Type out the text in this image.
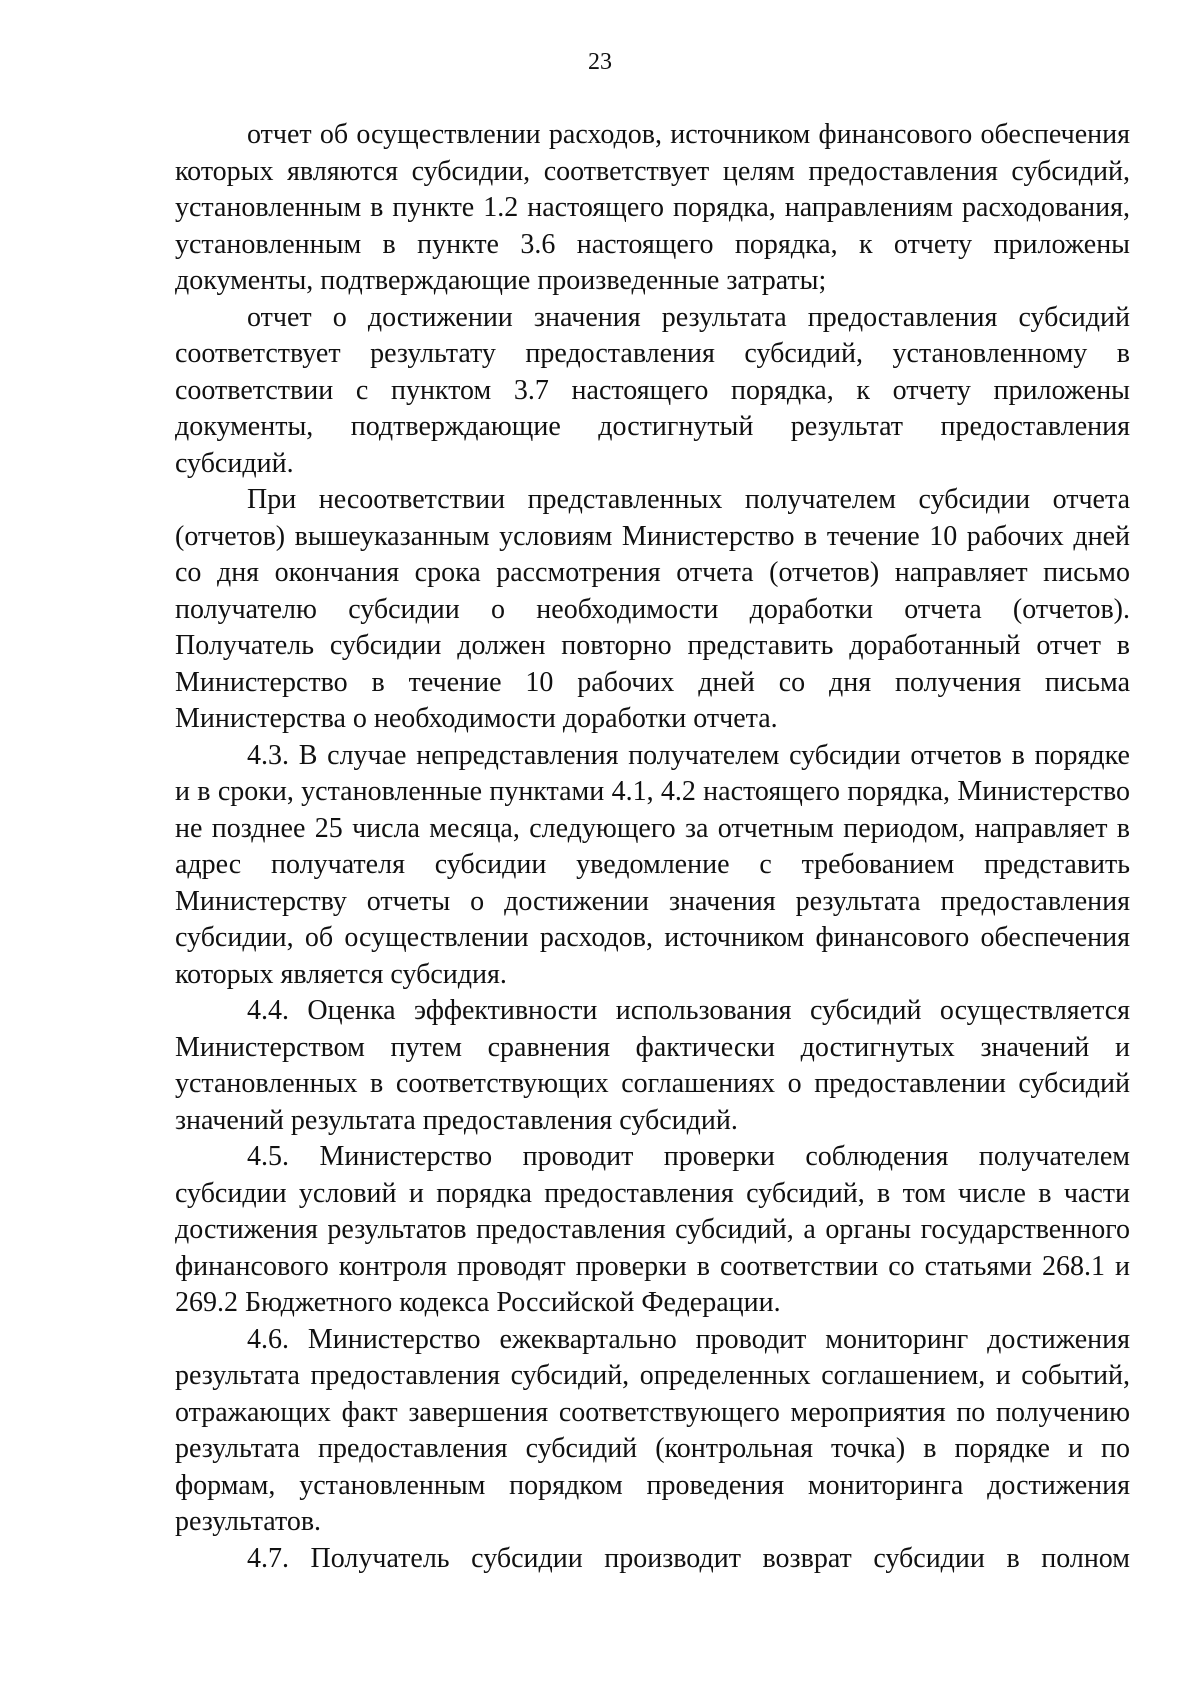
23

отчет об осуществлении расходов, источником финансового обеспечения которых являются субсидии, соответствует целям предоставления субсидий, установленным в пункте 1.2 настоящего порядка, направлениям расходования, установленным в пункте 3.6 настоящего порядка, к отчету приложены документы, подтверждающие произведенные затраты;

отчет о достижении значения результата предоставления субсидий соответствует результату предоставления субсидий, установленному в соответствии с пунктом 3.7 настоящего порядка, к отчету приложены документы, подтверждающие достигнутый результат предоставления субсидий.

При несоответствии представленных получателем субсидии отчета (отчетов) вышеуказанным условиям Министерство в течение 10 рабочих дней со дня окончания срока рассмотрения отчета (отчетов) направляет письмо получателю субсидии о необходимости доработки отчета (отчетов). Получатель субсидии должен повторно представить доработанный отчет в Министерство в течение 10 рабочих дней со дня получения письма Министерства о необходимости доработки отчета.

4.3. В случае непредставления получателем субсидии отчетов в порядке и в сроки, установленные пунктами 4.1, 4.2 настоящего порядка, Министерство не позднее 25 числа месяца, следующего за отчетным периодом, направляет в адрес получателя субсидии уведомление с требованием представить Министерству отчеты о достижении значения результата предоставления субсидии, об осуществлении расходов, источником финансового обеспечения которых является субсидия.

4.4. Оценка эффективности использования субсидий осуществляется Министерством путем сравнения фактически достигнутых значений и установленных в соответствующих соглашениях о предоставлении субсидий значений результата предоставления субсидий.

4.5. Министерство проводит проверки соблюдения получателем субсидии условий и порядка предоставления субсидий, в том числе в части достижения результатов предоставления субсидий, а органы государственного финансового контроля проводят проверки в соответствии со статьями 268.1 и 269.2 Бюджетного кодекса Российской Федерации.

4.6. Министерство ежеквартально проводит мониторинг достижения результата предоставления субсидий, определенных соглашением, и событий, отражающих факт завершения соответствующего мероприятия по получению результата предоставления субсидий (контрольная точка) в порядке и по формам, установленным порядком проведения мониторинга достижения результатов.

4.7. Получатель субсидии производит возврат субсидии в полном
